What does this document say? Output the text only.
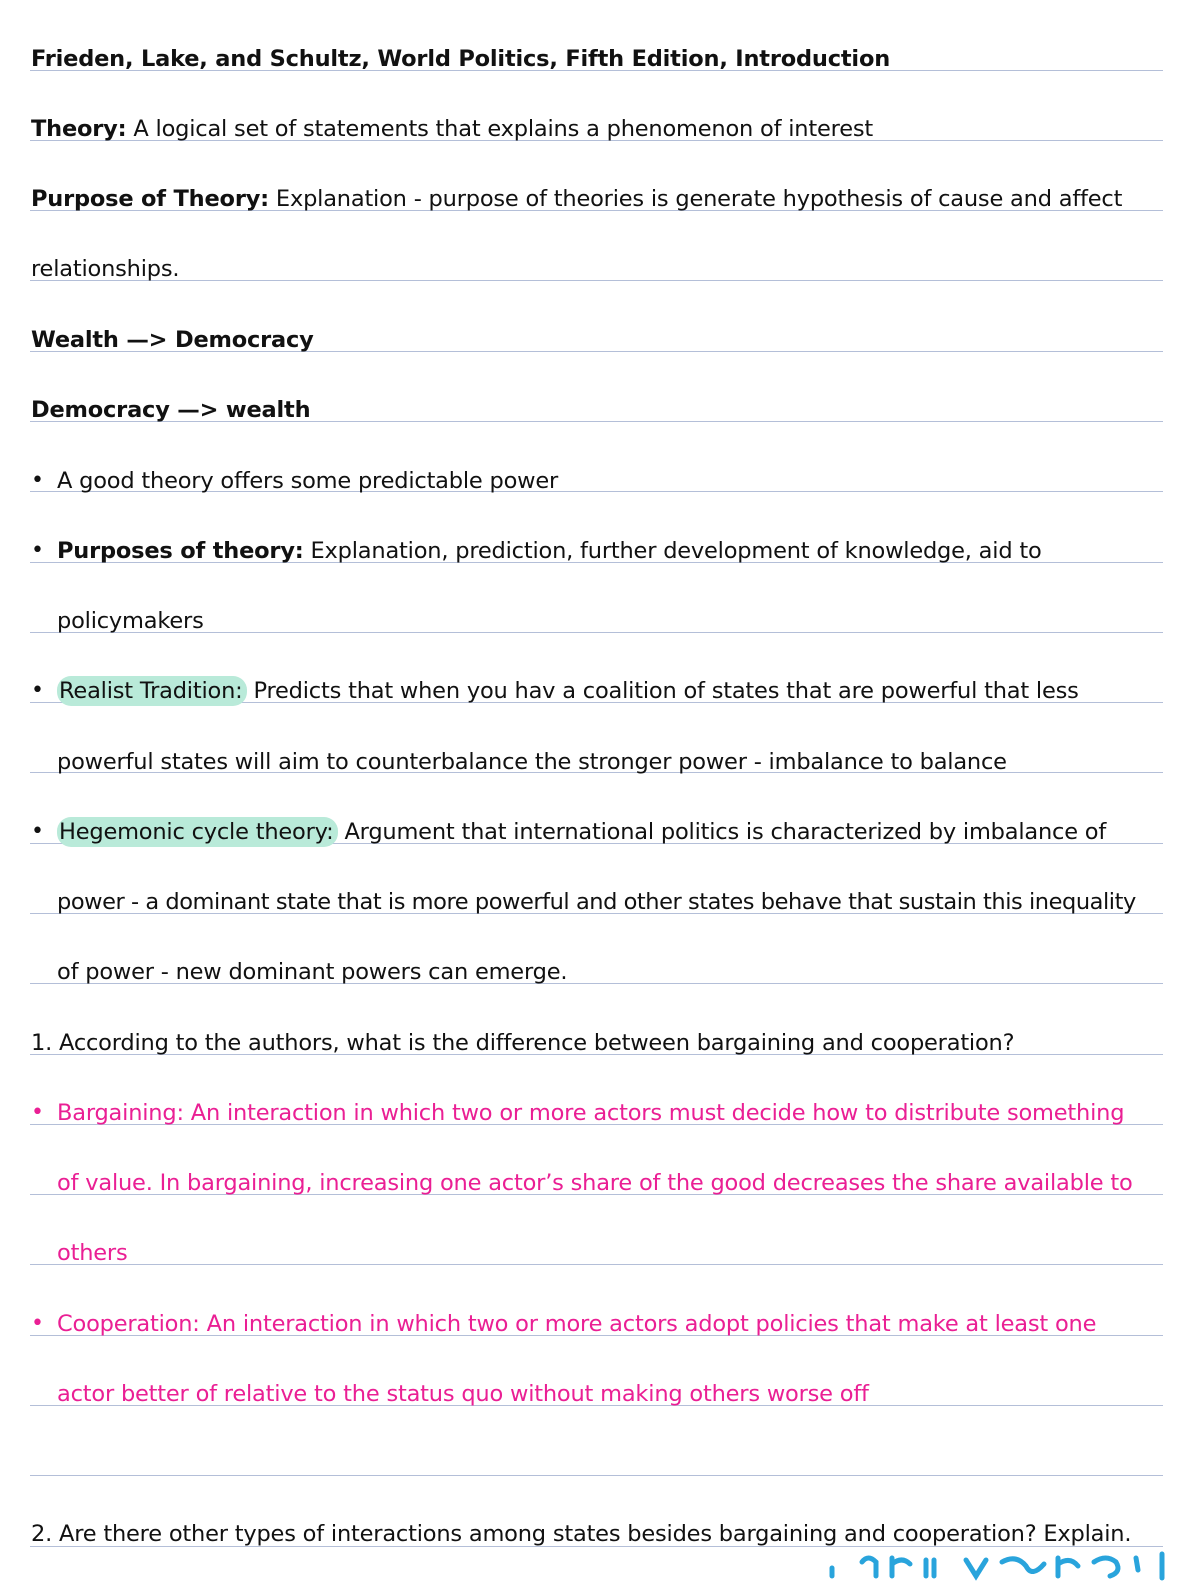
Frieden, Lake, and Schultz, World Politics, Fifth Edition, Introduction
Theory: A logical set of statements that explains a phenomenon of interest
Purpose of Theory: Explanation - purpose of theories is generate hypothesis of cause and affect
relationships.
Wealth —> Democracy
Democracy —> wealth
• A good theory offers some predictable power
• Purposes of theory: Explanation, prediction, further development of knowledge, aid to
policymakers
• Realist Tradition: Predicts that when you hav a coalition of states that are powerful that less
powerful states will aim to counterbalance the stronger power - imbalance to balance
• Hegemonic cycle theory: Argument that international politics is characterized by imbalance of
power - a dominant state that is more powerful and other states behave that sustain this inequality
of power - new dominant powers can emerge.
1. According to the authors, what is the difference between bargaining and cooperation?
• Bargaining: An interaction in which two or more actors must decide how to distribute something
of value. In bargaining, increasing one actor’s share of the good decreases the share available to
others
• Cooperation: An interaction in which two or more actors adopt policies that make at least one
actor better of relative to the status quo without making others worse off
2. Are there other types of interactions among states besides bargaining and cooperation? Explain.
